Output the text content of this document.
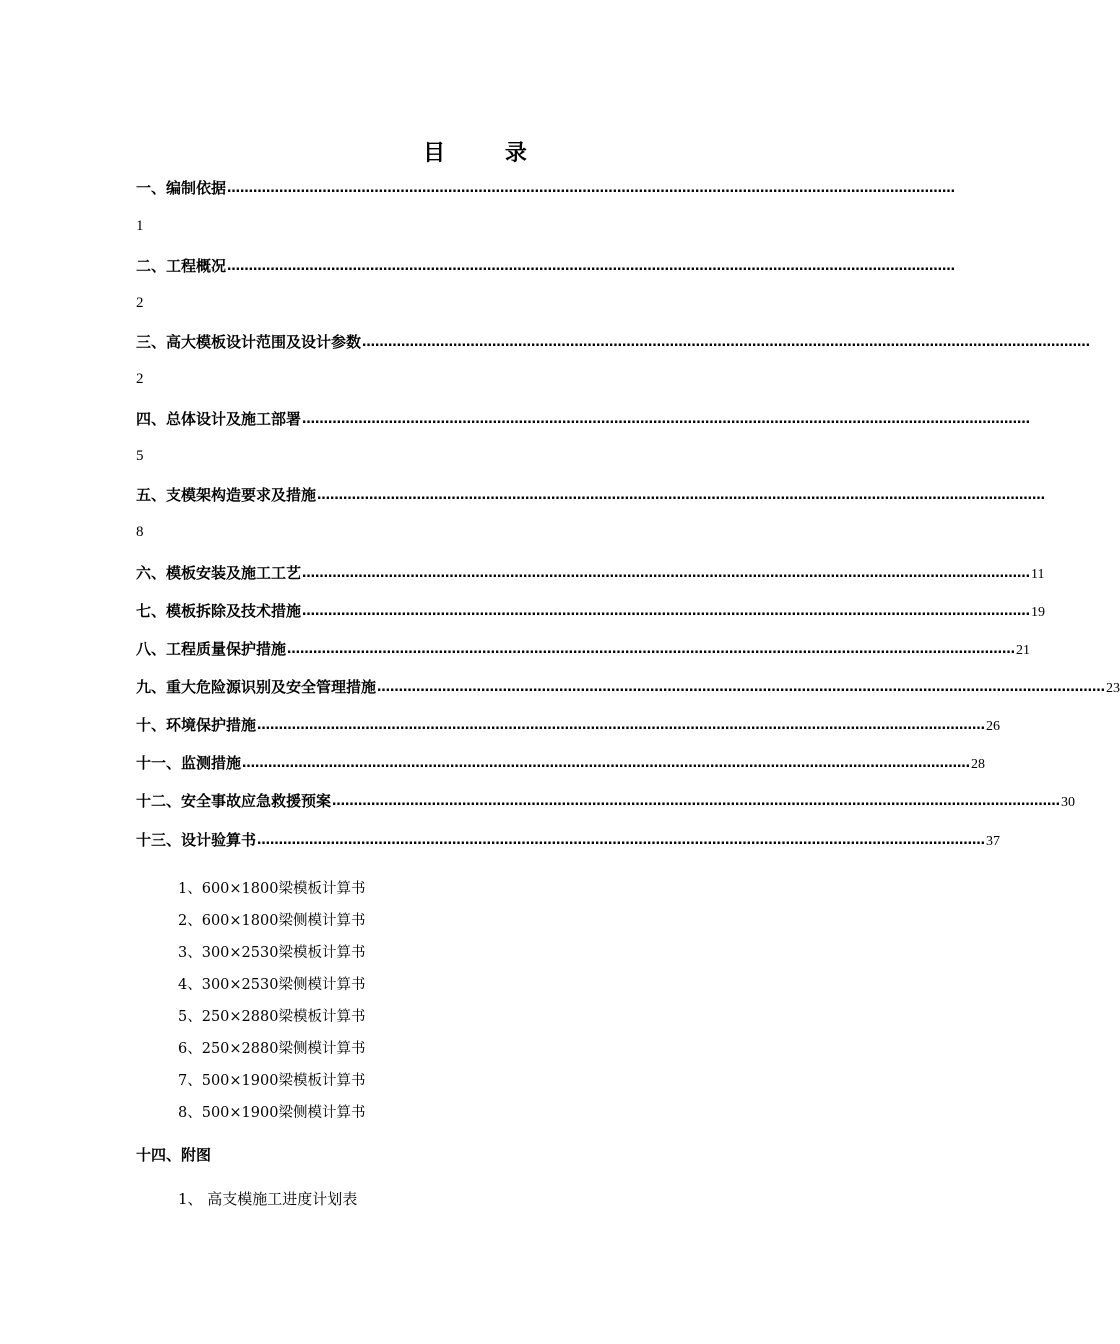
目 录
一、编制依据 ……………………………………………………………………………………………………………………………………………………
1
二、工程概况 ……………………………………………………………………………………………………………………………………………………
2
三、高大模板设计范围及设计参数 ……………………………………………………………………………………………………………………………………………………
2
四、总体设计及施工部署 ……………………………………………………………………………………………………………………………………………………
5
五、支模架构造要求及措施 ……………………………………………………………………………………………………………………………………………………
8
六、模板安装及施工工艺 …………………………………………………………………………………………………………………………………………………… 11
七、模板拆除及技术措施 …………………………………………………………………………………………………………………………………………………… 19
八、工程质量保护措施 …………………………………………………………………………………………………………………………………………………… 21
九、重大危险源识别及安全管理措施 …………………………………………………………………………………………………………………………………………………… 23
十、环境保护措施 …………………………………………………………………………………………………………………………………………………… 26
十一、监测措施 …………………………………………………………………………………………………………………………………………………… 28
十二、安全事故应急救援预案 …………………………………………………………………………………………………………………………………………………… 30
十三、设计验算书 …………………………………………………………………………………………………………………………………………………… 37
1、600×1800梁模板计算书
2、600×1800梁侧模计算书
3、300×2530梁模板计算书
4、300×2530梁侧模计算书
5、250×2880梁模板计算书
6、250×2880梁侧模计算书
7、500×1900梁模板计算书
8、500×1900梁侧模计算书
十四、附图
1、 高支模施工进度计划表
